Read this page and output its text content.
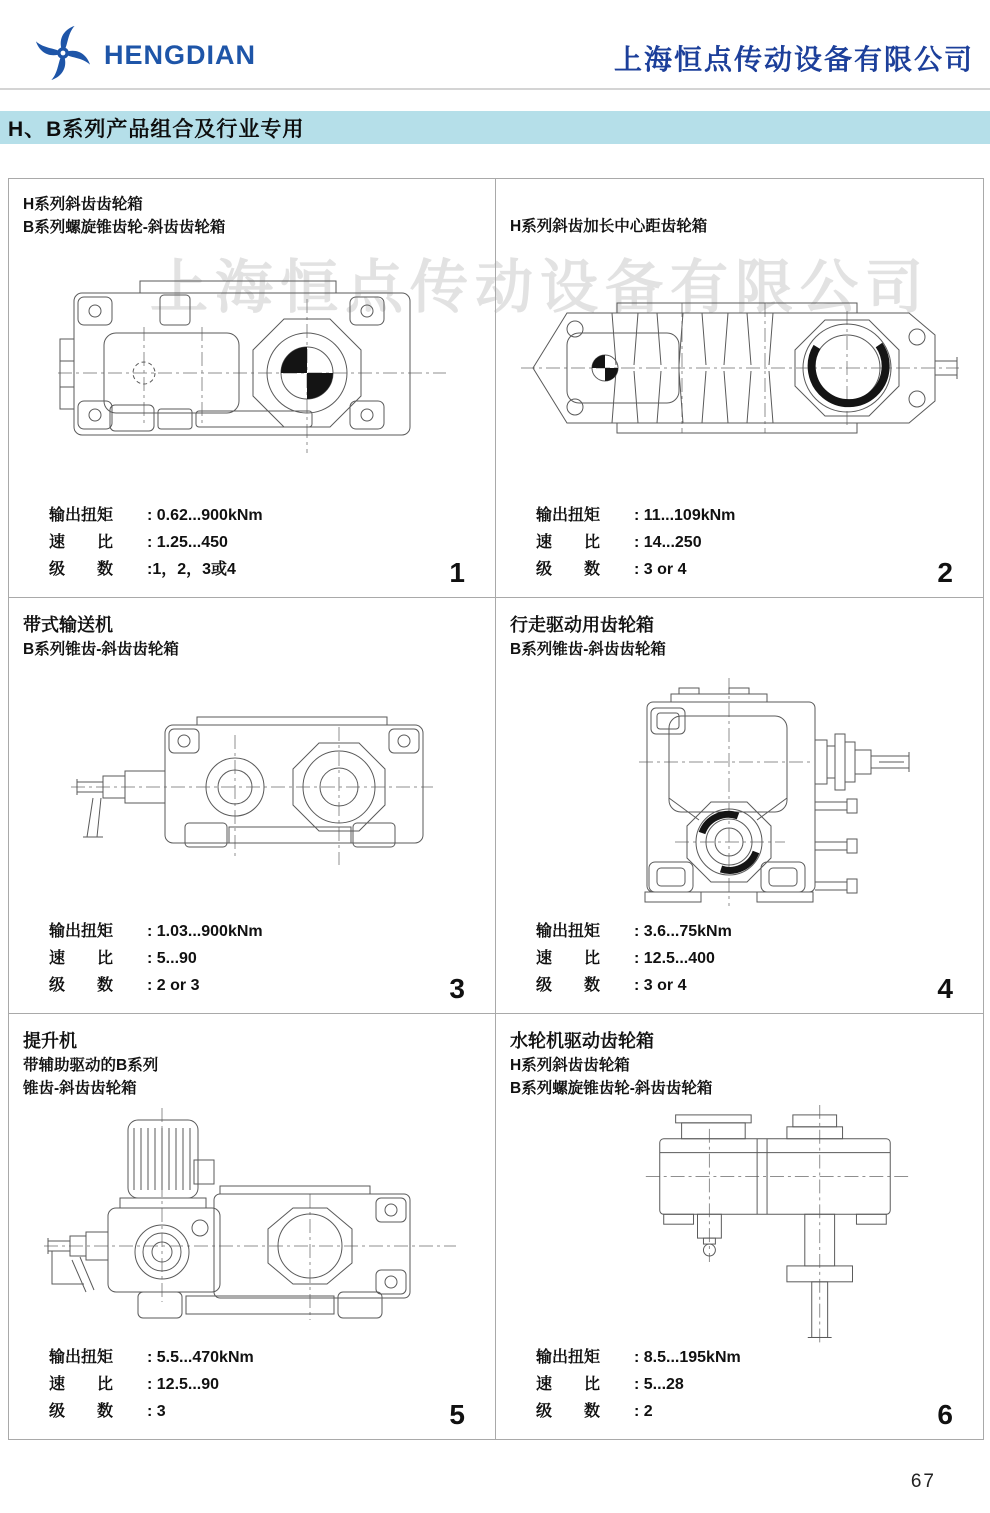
HENGDIAN	上海恒点传动设备有限公司
H、B系列产品组合及行业专用
上海恒点传动设备有限公司
H系列斜齿齿轮箱
B系列螺旋锥齿轮-斜齿齿轮箱
输出扭矩	: 0.62...900kNm
速　　比	: 1.25...450
级　　数	:1，2，3或4	1
H系列斜齿加长中心距齿轮箱
输出扭矩	: 11...109kNm
速　　比	: 14...250
级　　数	: 3 or 4	2
带式输送机
B系列锥齿-斜齿齿轮箱
输出扭矩	: 1.03...900kNm
速　　比	: 5...90
级　　数	: 2 or 3	3
行走驱动用齿轮箱
B系列锥齿-斜齿齿轮箱
输出扭矩	: 3.6...75kNm
速　　比	: 12.5...400
级　　数	: 3 or 4	4
提升机
带辅助驱动的B系列
锥齿-斜齿齿轮箱
输出扭矩	: 5.5...470kNm
速　　比	: 12.5...90
级　　数	: 3	5
水轮机驱动齿轮箱
H系列斜齿齿轮箱
B系列螺旋锥齿轮-斜齿齿轮箱
输出扭矩	: 8.5...195kNm
速　　比	: 5...28
级　　数	: 2	6
67
